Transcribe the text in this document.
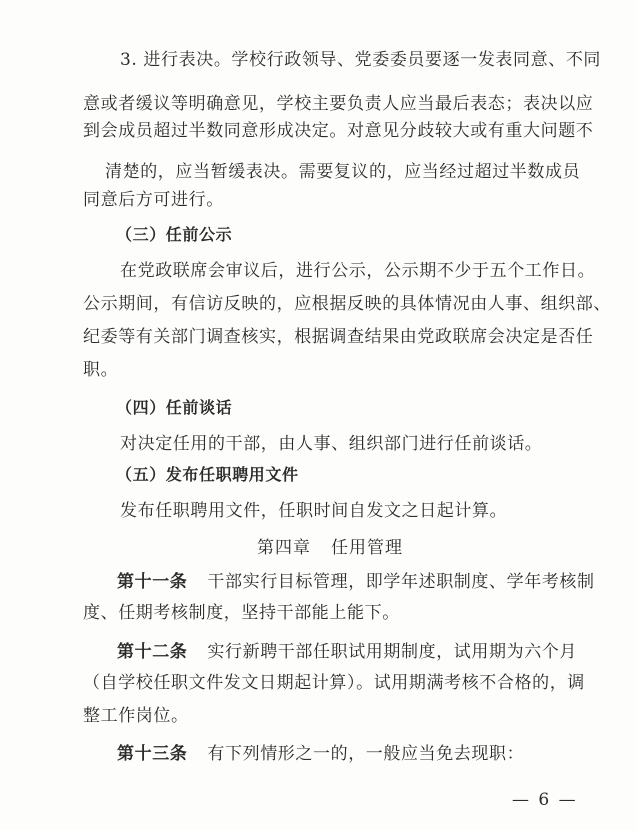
3. 进行表决。学校行政领导、党委委员要逐一发表同意、不同
意或者缓议等明确意见，学校主要负责人应当最后表态；表决以应
到会成员超过半数同意形成决定。对意见分歧较大或有重大问题不
清楚的，应当暂缓表决。需要复议的，应当经过超过半数成员
同意后方可进行。
（三）任前公示
在党政联席会审议后，进行公示，公示期不少于五个工作日。
公示期间，有信访反映的，应根据反映的具体情况由人事、组织部、
纪委等有关部门调查核实，根据调查结果由党政联席会决定是否任
职。
（四）任前谈话
对决定任用的干部，由人事、组织部门进行任前谈话。
（五）发布任职聘用文件
发布任职聘用文件，任职时间自发文之日起计算。
第四章 任用管理
第十一条 干部实行目标管理，即学年述职制度、学年考核制
度、任期考核制度，坚持干部能上能下。
第十二条 实行新聘干部任职试用期制度，试用期为六个月
（自学校任职文件发文日期起计算）。试用期满考核不合格的，调
整工作岗位。
第十三条 有下列情形之一的，一般应当免去现职：
— 6 —
